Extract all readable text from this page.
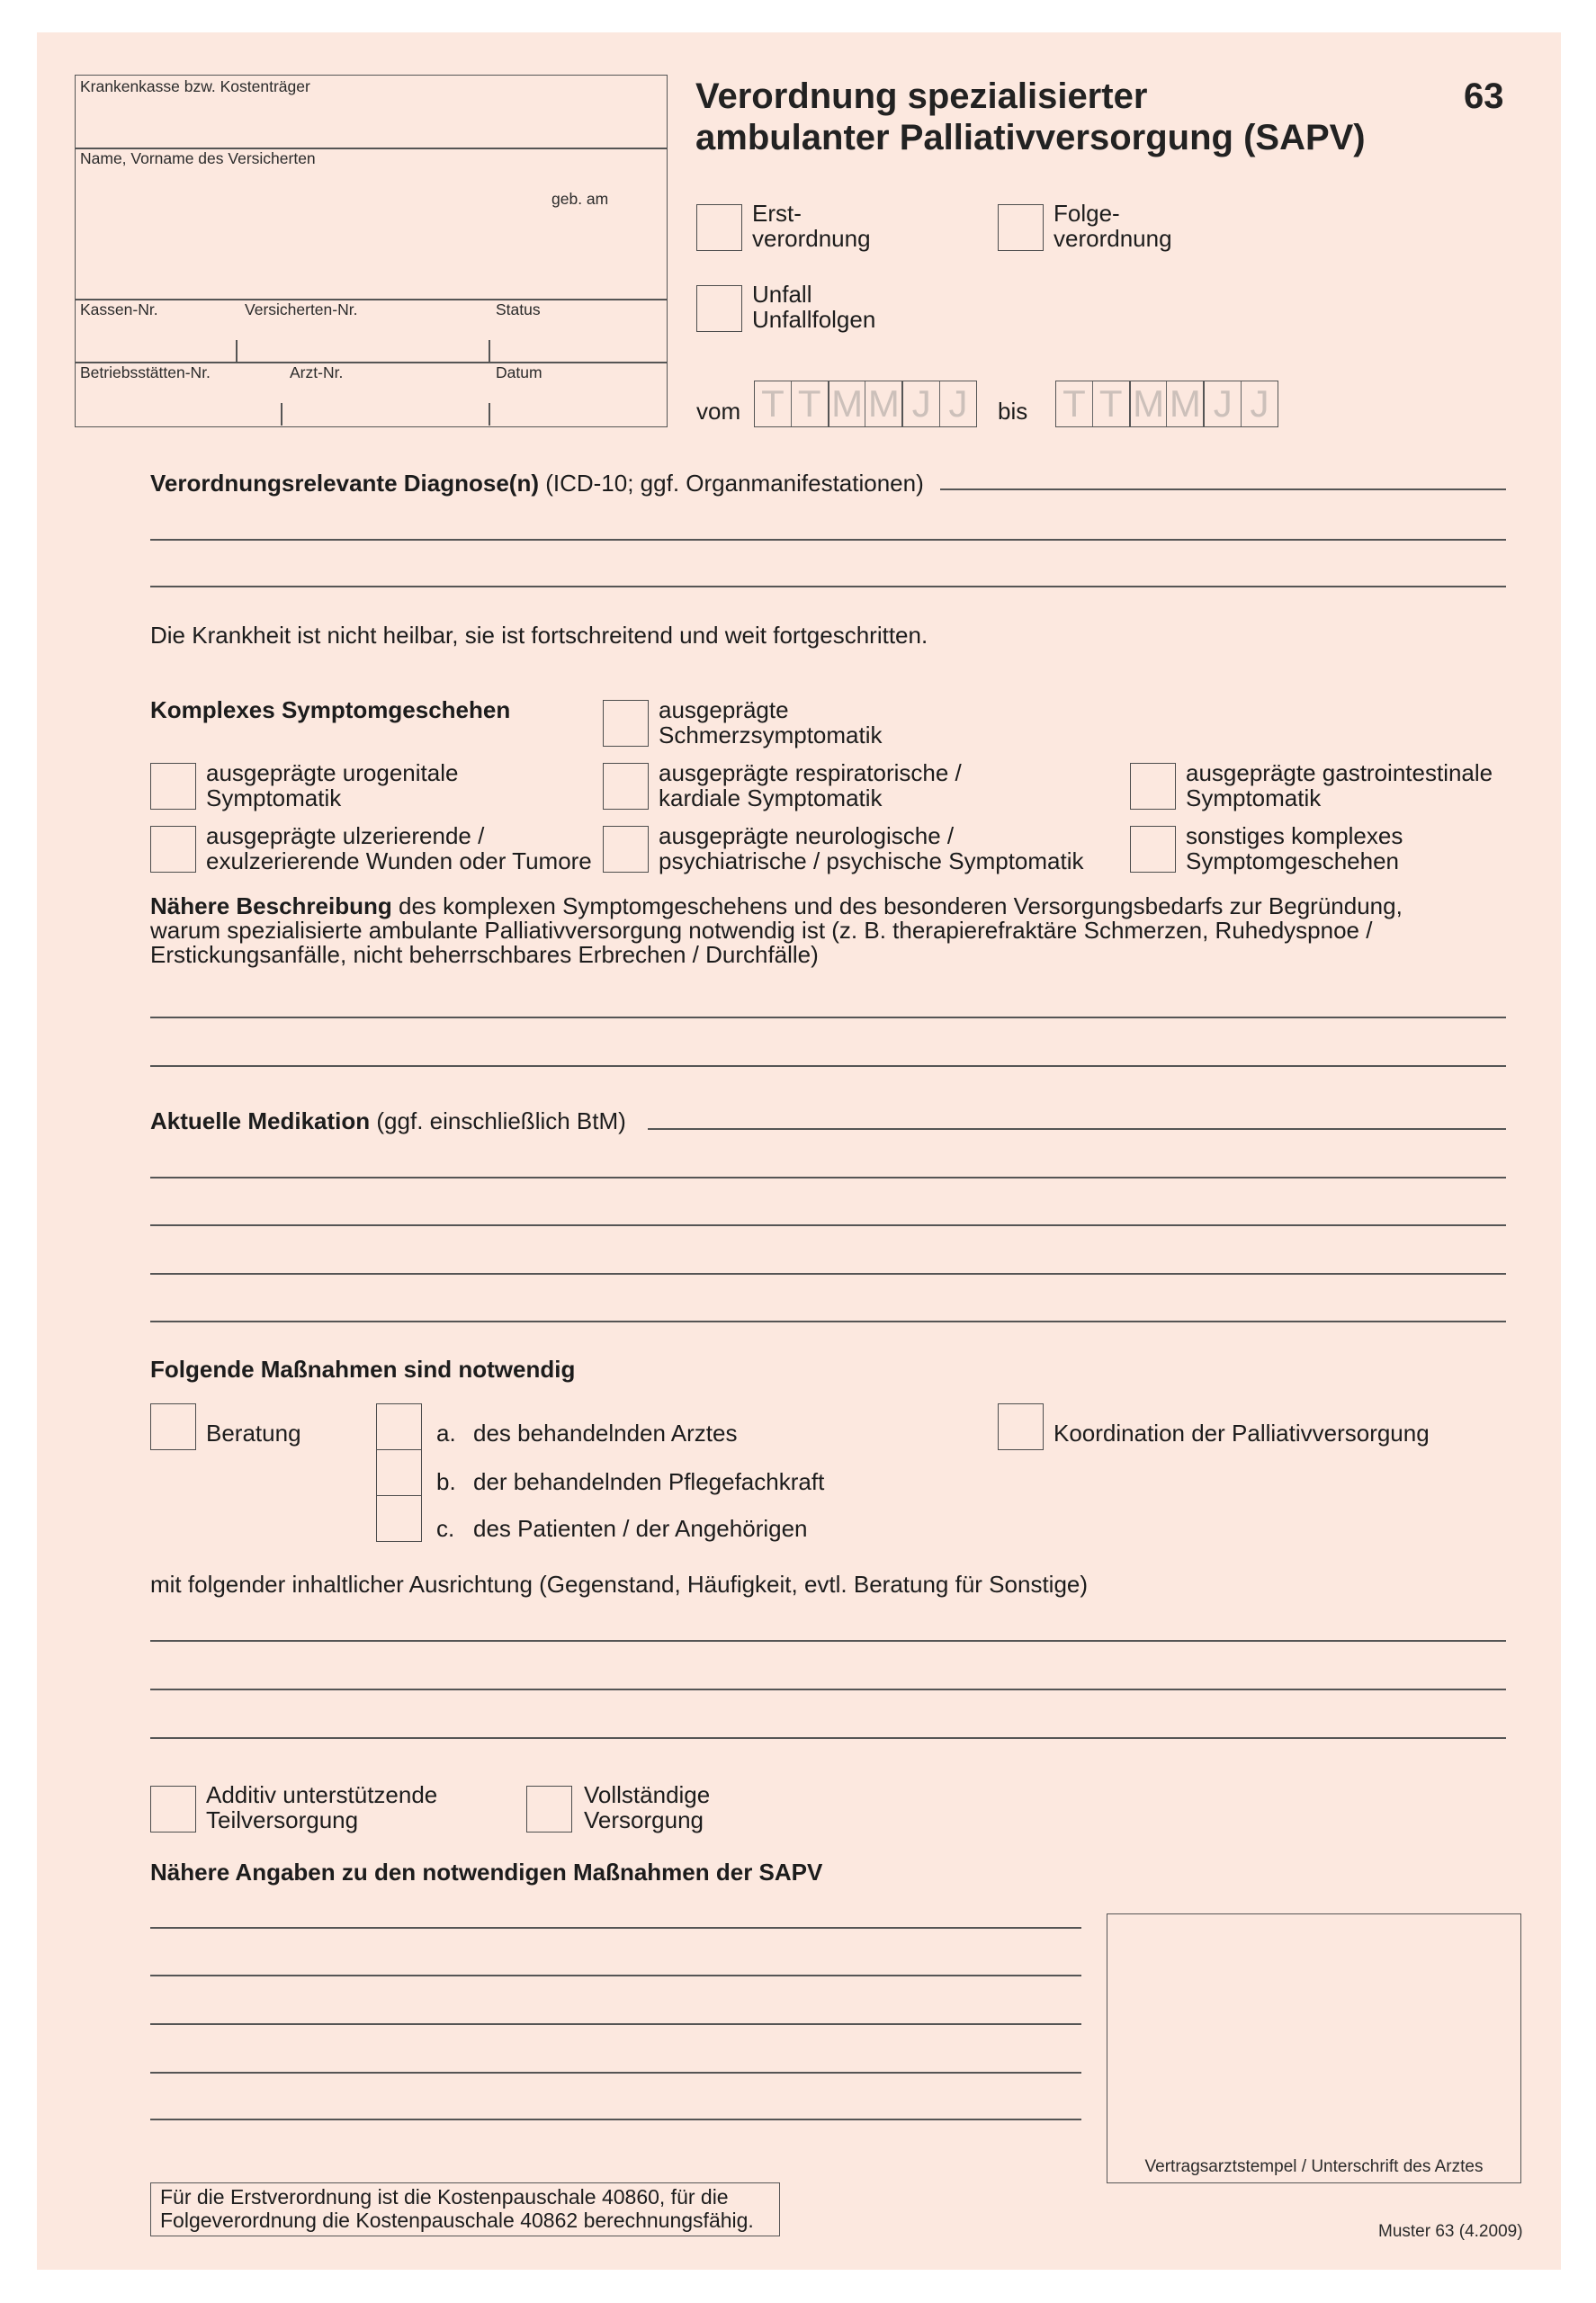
Krankenkasse bzw. Kostenträger
Name, Vorname des Versicherten
geb. am
Kassen-Nr.	Versicherten-Nr.	Status
Betriebsstätten-Nr.	Arzt-Nr.	Datum
Verordnung spezialisierter
ambulanter Palliativversorgung (SAPV)
63
Erst-
verordnung
Folge-
verordnung
Unfall
Unfallfolgen
vom T T M M J J	bis T T M M J J
Verordnungsrelevante Diagnose(n) (ICD-10; ggf. Organmanifestationen)
Die Krankheit ist nicht heilbar, sie ist fortschreitend und weit fortgeschritten.
Komplexes Symptomgeschehen	ausgeprägte
Schmerzsymptomatik
ausgeprägte urogenitale
Symptomatik
ausgeprägte respiratorische /
kardiale Symptomatik
ausgeprägte gastrointestinale
Symptomatik
ausgeprägte ulzerierende /
exulzerierende Wunden oder Tumore
ausgeprägte neurologische /
psychiatrische / psychische Symptomatik
sonstiges komplexes
Symptomgeschehen
Nähere Beschreibung des komplexen Symptomgeschehens und des besonderen Versorgungsbedarfs zur Begründung,
warum spezialisierte ambulante Palliativversorgung notwendig ist (z. B. therapierefraktäre Schmerzen, Ruhedyspnoe /
Erstickungsanfälle, nicht beherrschbares Erbrechen / Durchfälle)
Aktuelle Medikation (ggf. einschließlich BtM)
Folgende Maßnahmen sind notwendig
Beratung	a. des behandelnden Arztes
b. der behandelnden Pflegefachkraft
c. des Patienten / der Angehörigen
Koordination der Palliativversorgung
mit folgender inhaltlicher Ausrichtung (Gegenstand, Häufigkeit, evtl. Beratung für Sonstige)
Additiv unterstützende
Teilversorgung
Vollständige
Versorgung
Nähere Angaben zu den notwendigen Maßnahmen der SAPV
Vertragsarztstempel / Unterschrift des Arztes
Für die Erstverordnung ist die Kostenpauschale 40860, für die
Folgeverordnung die Kostenpauschale 40862 berechnungsfähig.	Muster 63 (4.2009)
